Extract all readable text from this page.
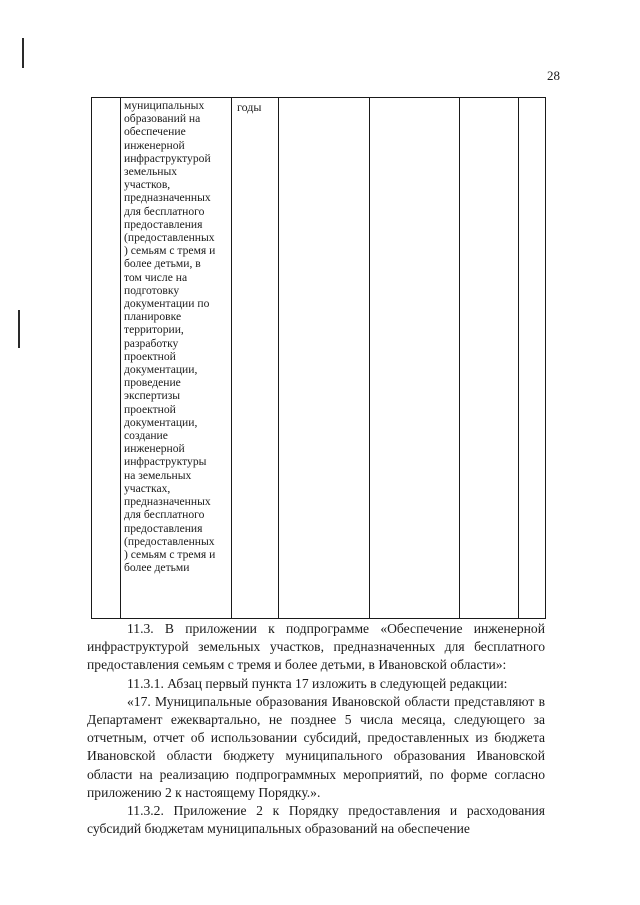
28
	муниципальных
образований на
обеспечение
инженерной
инфраструктурой
земельных
участков,
предназначенных
для бесплатного
предоставления
(предоставленных
) семьям с тремя и
более детьми, в
том числе на
подготовку
документации по
планировке
территории,
разработку
проектной
документации,
проведение
экспертизы
проектной
документации,
создание
инженерной
инфраструктуры
на земельных
участках,
предназначенных
для бесплатного
предоставления
(предоставленных
) семьям с тремя и
более детьми	годы				

11.3. В приложении к подпрограмме «Обеспечение инженерной инфраструктурой земельных участков, предназначенных для бесплатного предоставления семьям с тремя и более детьми, в Ивановской области»:

11.3.1. Абзац первый пункта 17 изложить в следующей редакции:

«17. Муниципальные образования Ивановской области представляют в Департамент ежеквартально, не позднее 5 числа месяца, следующего за отчетным, отчет об использовании субсидий, предоставленных из бюджета Ивановской области бюджету муниципального образования Ивановской области на реализацию подпрограммных мероприятий, по форме согласно приложению 2 к настоящему Порядку.».

11.3.2. Приложение 2 к Порядку предоставления и расходования субсидий бюджетам муниципальных образований на обеспечение
